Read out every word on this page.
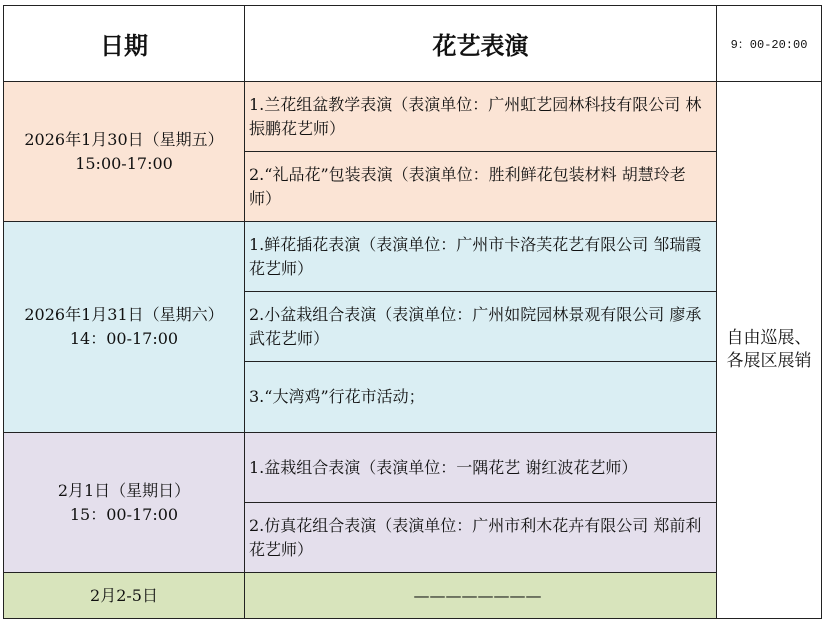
日期	花艺表演	9：00-20:00

2026年1月30日（星期五）
15:00-17:00	1.兰花组盆教学表演（表演单位：广州虹艺园林科技有限公司 林振鹏花艺师）	自由巡展、
各展区展销

	2.“礼品花”包装表演（表演单位：胜利鲜花包装材料 胡慧玲老师）	

2026年1月31日（星期六）
14：00-17:00	1.鲜花插花表演（表演单位：广州市卡洛芙花艺有限公司 邹瑞霞花艺师）	
	2.小盆栽组合表演（表演单位：广州如院园林景观有限公司 廖承武花艺师）	
	3.“大湾鸡”行花市活动；	

2月1日（星期日）
15：00-17:00	1.盆栽组合表演（表演单位：一隅花艺 谢红波花艺师）	
	2.仿真花组合表演（表演单位：广州市利木花卉有限公司 郑前利花艺师）	
2月2-5日	————————	
